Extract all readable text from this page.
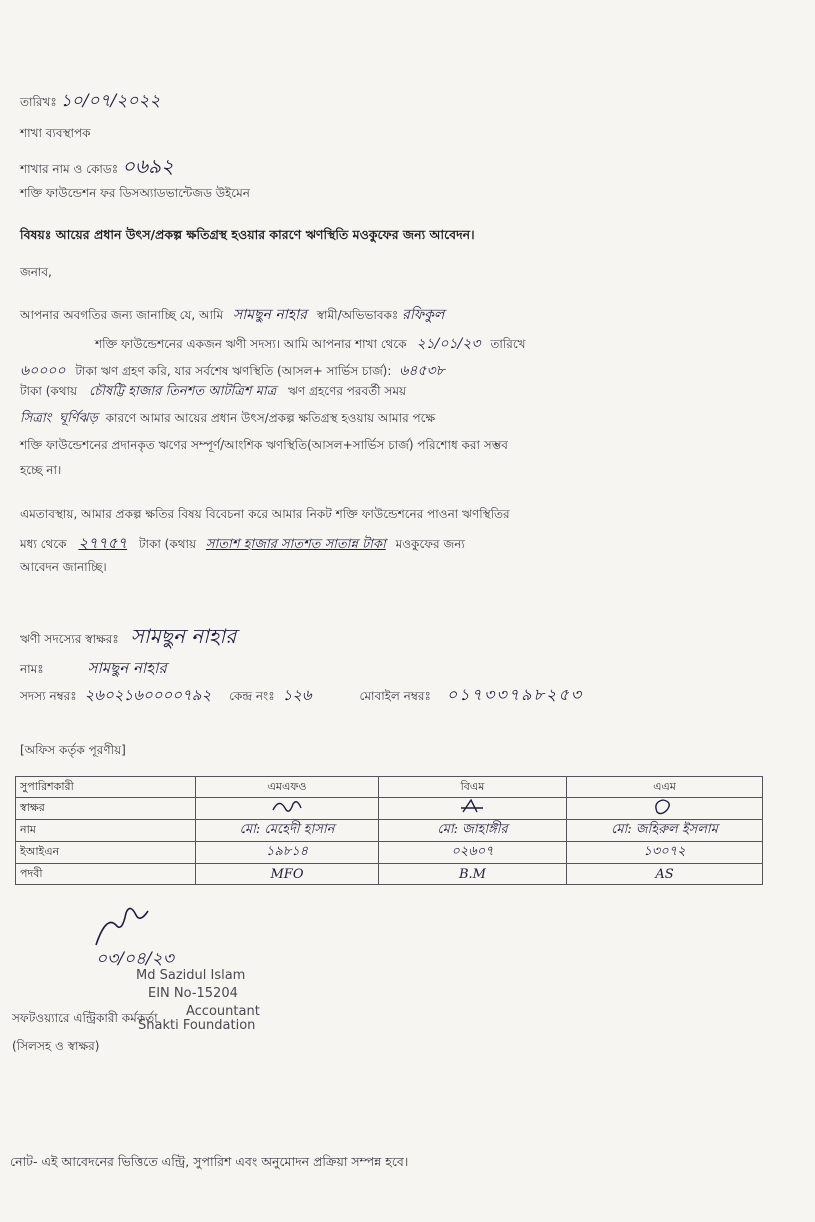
তারিখঃ ১০/০৭/২০২২
শাখা ব্যবস্থাপক
শাখার নাম ও কোডঃ ০৬৯২
শক্তি ফাউন্ডেশন ফর ডিসঅ্যাডভান্টেজড উইমেন
বিষয়ঃ আয়ের প্রধান উৎস/প্রকল্প ক্ষতিগ্রস্থ হওয়ার কারণে ঋণস্থিতি মওকুফের জন্য আবেদন।
জনাব,
আপনার অবগতির জন্য জানাচ্ছি যে, আমি সামছুন নাহার স্বামী/অভিভাবকঃ রফিকুল
শক্তি ফাউন্ডেশনের একজন ঋণী সদস্য। আমি আপনার শাখা থেকে ২১/০১/২৩ তারিখে
৬০০০০ টাকা ঋণ গ্রহণ করি, যার সর্বশেষ ঋণস্থিতি (আসল+ সার্ভিস চার্জ): ৬৪৫৩৮
টাকা (কথায় চৌষট্টি হাজার তিনশত আটত্রিশ মাত্র ঋণ গ্রহণের পরবর্তী সময়
সিত্রাং ঘূর্ণিঝড় কারণে আমার আয়ের প্রধান উৎস/প্রকল্প ক্ষতিগ্রস্থ হওয়ায় আমার পক্ষে
শক্তি ফাউন্ডেশনের প্রদানকৃত ঋণের সম্পূর্ণ/আংশিক ঋণস্থিতি(আসল+সার্ভিস চার্জ) পরিশোধ করা সম্ভব
হচ্ছে না।
এমতাবস্থায়, আমার প্রকল্প ক্ষতির বিষয় বিবেচনা করে আমার নিকট শক্তি ফাউন্ডেশনের পাওনা ঋণস্থিতির
মধ্য থেকে ২৭৭৫৭ টাকা (কথায় সাতাশ হাজার সাতশত সাতান্ন টাকা মওকুফের জন্য
আবেদন জানাচ্ছি।
ঋণী সদস্যের স্বাক্ষরঃ সামছুন নাহার
নামঃ	সামছুন নাহার
সদস্য নম্বরঃ ২৬০২১৬০০০০৭৯২ কেন্দ্র নংঃ ১২৬	মোবাইল নম্বরঃ ০১৭৩৩৭৯৮২৫৩
[অফিস কর্তৃক পূরণীয়]
সুপারিশকারী	এমএফও	বিএম	এএম
স্বাক্ষর			
নাম	মো: মেহেদী হাসান	মো: জাহাঙ্গীর	মো: জহিরুল ইসলাম
ইআইএন	১৯৮১৪	০২৬০৭	১৩০৭২
পদবী	MFO	B.M	AS
০৩/০৪/২৩
Md Sazidul Islam
EIN No-15204
Accountant
Shakti Foundation
সফটওয়্যারে এন্ট্রিকারী কর্মকর্তা
(সিলসহ ও স্বাক্ষর)
নোট- এই আবেদনের ভিত্তিতে এন্ট্রি, সুপারিশ এবং অনুমোদন প্রক্রিয়া সম্পন্ন হবে।
